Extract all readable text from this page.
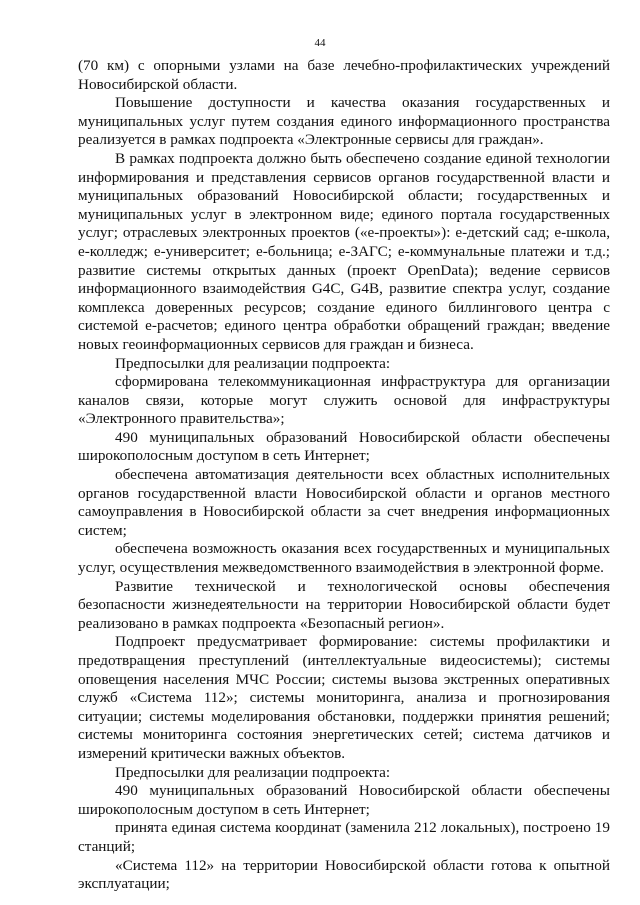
44

(70 км) с опорными узлами на базе лечебно-профилактических учреждений Новосибирской области.

Повышение доступности и качества оказания государственных и муниципальных услуг путем создания единого информационного пространства реализуется в рамках подпроекта «Электронные сервисы для граждан».

В рамках подпроекта должно быть обеспечено создание единой технологии информирования и представления сервисов органов государственной власти и муниципальных образований Новосибирской области; государственных и муниципальных услуг в электронном виде; единого портала государственных услуг; отраслевых электронных проектов («е-проекты»): е-детский сад; е-школа, е-колледж; е-университет; е-больница; е-ЗАГС; е-коммунальные платежи и т.д.; развитие системы открытых данных (проект OpenData); ведение сервисов информационного взаимодействия G4C, G4B, развитие спектра услуг, создание комплекса доверенных ресурсов; создание единого биллингового центра с системой е-расчетов; единого центра обработки обращений граждан; введение новых геоинформационных сервисов для граждан и бизнеса.

Предпосылки для реализации подпроекта:

сформирована телекоммуникационная инфраструктура для организации каналов связи, которые могут служить основой для инфраструктуры «Электронного правительства»;

490 муниципальных образований Новосибирской области обеспечены широкополосным доступом в сеть Интернет;

обеспечена автоматизация деятельности всех областных исполнительных органов государственной власти Новосибирской области и органов местного самоуправления в Новосибирской области за счет внедрения информационных систем;

обеспечена возможность оказания всех государственных и муниципальных услуг, осуществления межведомственного взаимодействия в электронной форме.

Развитие технической и технологической основы обеспечения безопасности жизнедеятельности на территории Новосибирской области будет реализовано в рамках подпроекта «Безопасный регион».

Подпроект предусматривает формирование: системы профилактики и предотвращения преступлений (интеллектуальные видеосистемы); системы оповещения населения МЧС России; системы вызова экстренных оперативных служб «Система 112»; системы мониторинга, анализа и прогнозирования ситуации; системы моделирования обстановки, поддержки принятия решений; системы мониторинга состояния энергетических сетей; система датчиков и измерений критически важных объектов.

Предпосылки для реализации подпроекта:

490 муниципальных образований Новосибирской области обеспечены широкополосным доступом в сеть Интернет;

принята единая система координат (заменила 212 локальных), построено 19 станций;

«Система 112» на территории Новосибирской области готова к опытной эксплуатации;
